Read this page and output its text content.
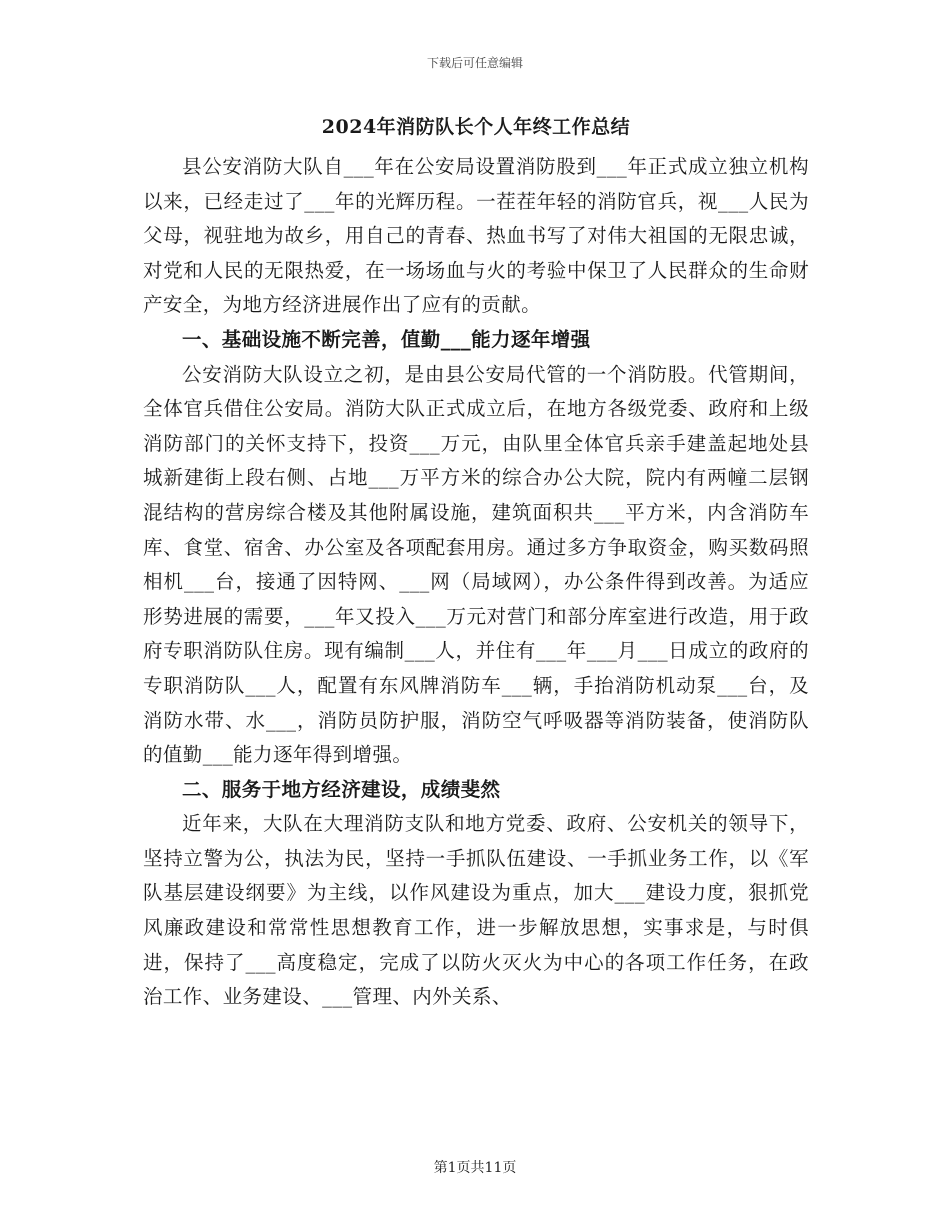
下载后可任意编辑
2024年消防队长个人年终工作总结

县公安消防大队自___年在公安局设置消防股到___年正式成立独立机构以来，已经走过了___年的光辉历程。一茬茬年轻的消防官兵，视___人民为父母，视驻地为故乡，用自己的青春、热血书写了对伟大祖国的无限忠诚，对党和人民的无限热爱，在一场场血与火的考验中保卫了人民群众的生命财产安全，为地方经济进展作出了应有的贡献。

一、基础设施不断完善，值勤___能力逐年增强

公安消防大队设立之初，是由县公安局代管的一个消防股。代管期间，全体官兵借住公安局。消防大队正式成立后，在地方各级党委、政府和上级消防部门的关怀支持下，投资___万元，由队里全体官兵亲手建盖起地处县城新建街上段右侧、占地___万平方米的综合办公大院，院内有两幢二层钢混结构的营房综合楼及其他附属设施，建筑面积共___平方米，内含消防车库、食堂、宿舍、办公室及各项配套用房。通过多方争取资金，购买数码照相机___台，接通了因特网、___网（局域网），办公条件得到改善。为适应形势进展的需要，___年又投入___万元对营门和部分库室进行改造，用于政府专职消防队住房。现有编制___人，并住有___年___月___日成立的政府的专职消防队___人，配置有东风牌消防车___辆，手抬消防机动泵___台，及消防水带、水___，消防员防护服，消防空气呼吸器等消防装备，使消防队的值勤___能力逐年得到增强。

二、服务于地方经济建设，成绩斐然

近年来，大队在大理消防支队和地方党委、政府、公安机关的领导下，坚持立警为公，执法为民，坚持一手抓队伍建设、一手抓业务工作，以《军队基层建设纲要》为主线，以作风建设为重点，加大___建设力度，狠抓党风廉政建设和常常性思想教育工作，进一步解放思想，实事求是，与时俱进，保持了___高度稳定，完成了以防火灭火为中心的各项工作任务，在政治工作、业务建设、___管理、内外关系、

第1页共11页
